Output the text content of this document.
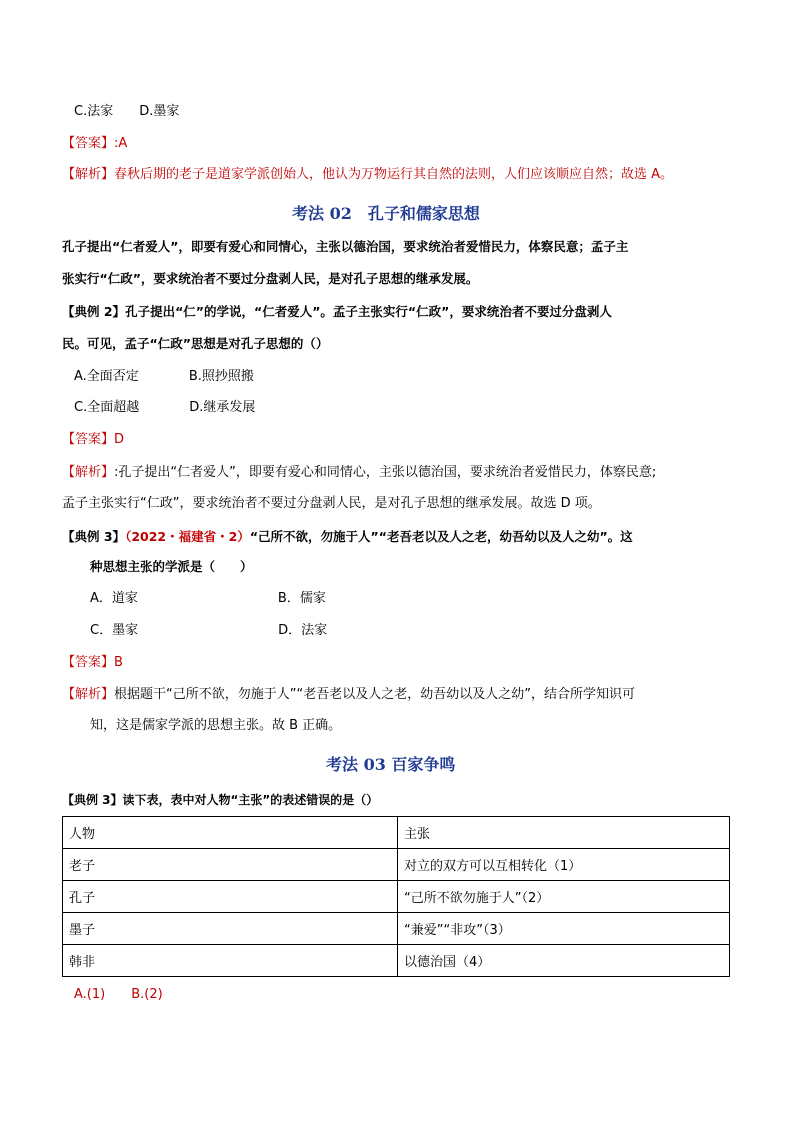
C.法家 D.墨家
【答案】:A
【解析】春秋后期的老子是道家学派创始人，他认为万物运行其自然的法则，人们应该顺应自然；故选 A。
考法 02　孔子和儒家思想
孔子提出“仁者爱人”，即要有爱心和同情心，主张以德治国，要求统治者爱惜民力，体察民意；孟子主
张实行“仁政”，要求统治者不要过分盘剥人民，是对孔子思想的继承发展。
【典例 2】孔子提出“仁”的学说，“仁者爱人”。孟子主张实行“仁政”，要求统治者不要过分盘剥人
民。可见，孟子“仁政”思想是对孔子思想的（）
A.全面否定	B.照抄照搬
C.全面超越	D.继承发展
【答案】D
【解析】:孔子提出“仁者爱人”，即要有爱心和同情心，主张以德治国，要求统治者爱惜民力，体察民意;
孟子主张实行“仁政”，要求统治者不要过分盘剥人民，是对孔子思想的继承发展。故选 D 项。
【典例 3】（2022・福建省・2）“己所不欲，勿施于人”“老吾老以及人之老，幼吾幼以及人之幼”。这
种思想主张的学派是（　　）
A．道家	B．儒家
C．墨家	D．法家
【答案】B
【解析】根据题干“己所不欲，勿施于人”“老吾老以及人之老，幼吾幼以及人之幼”，结合所学知识可
知，这是儒家学派的思想主张。故 B 正确。
考法 03 百家争鸣
【典例 3】读下表，表中对人物“主张”的表述错误的是（）
人物	主张
老子	对立的双方可以互相转化（1）
孔子	“己所不欲勿施于人”（2）
墨子	“兼爱”“非攻”（3）
韩非	以德治国（4）
A.(1) B.(2)
